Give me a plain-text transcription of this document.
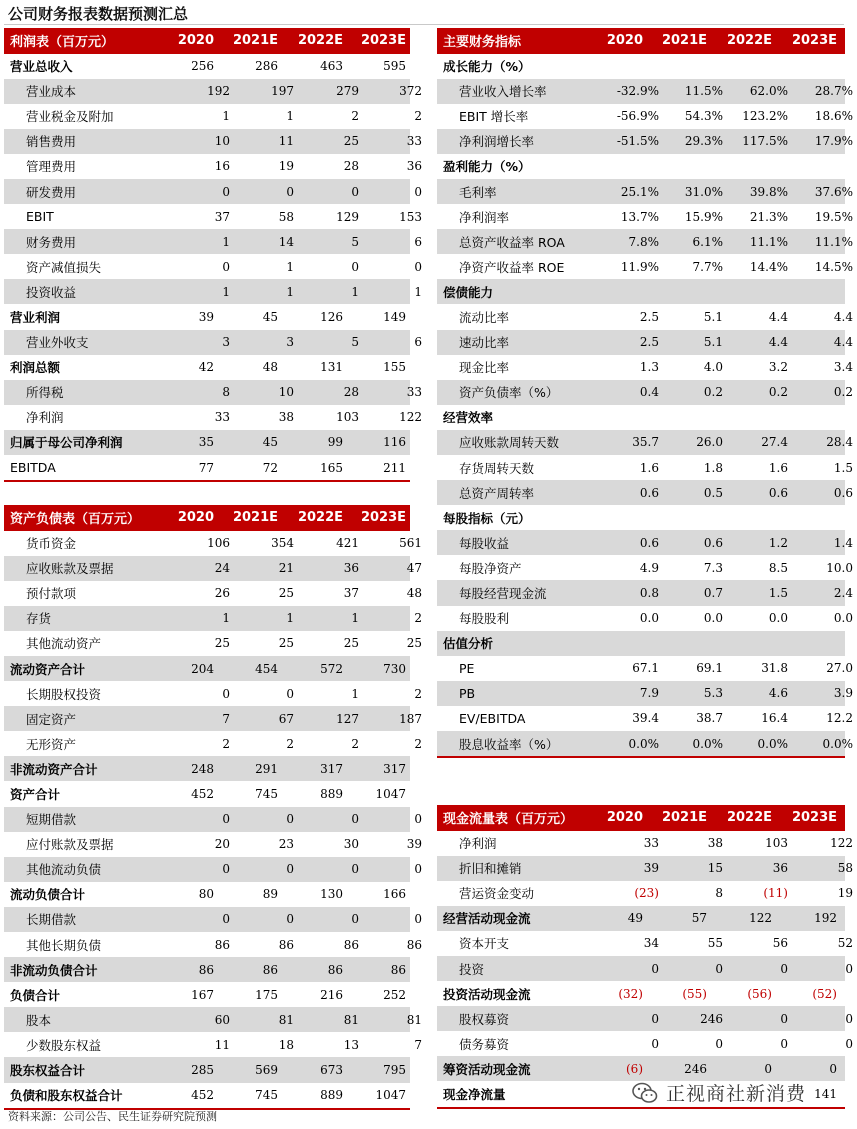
公司财务报表数据预测汇总
利润表（百万元）	2020	2021E	2022E	2023E
营业总收入	256	286	463	595
营业成本	192	197	279	372
营业税金及附加	1	1	2	2
销售费用	10	11	25	33
管理费用	16	19	28	36
研发费用	0	0	0	0
EBIT	37	58	129	153
财务费用	1	14	5	6
资产减值损失	0	1	0	0
投资收益	1	1	1	1
营业利润	39	45	126	149
营业外收支	3	3	5	6
利润总额	42	48	131	155
所得税	8	10	28	33
净利润	33	38	103	122
归属于母公司净利润	35	45	99	116
EBITDA	77	72	165	211
资产负债表（百万元）	2020	2021E	2022E	2023E
货币资金	106	354	421	561
应收账款及票据	24	21	36	47
预付款项	26	25	37	48
存货	1	1	1	2
其他流动资产	25	25	25	25
流动资产合计	204	454	572	730
长期股权投资	0	0	1	2
固定资产	7	67	127	187
无形资产	2	2	2	2
非流动资产合计	248	291	317	317
资产合计	452	745	889	1047
短期借款	0	0	0	0
应付账款及票据	20	23	30	39
其他流动负债	0	0	0	0
流动负债合计	80	89	130	166
长期借款	0	0	0	0
其他长期负债	86	86	86	86
非流动负债合计	86	86	86	86
负债合计	167	175	216	252
股本	60	81	81	81
少数股东权益	11	18	13	7
股东权益合计	285	569	673	795
负债和股东权益合计	452	745	889	1047
主要财务指标	2020	2021E	2022E	2023E
成长能力（%）
营业收入增长率	-32.9%	11.5%	62.0%	28.7%
EBIT 增长率	-56.9%	54.3%	123.2%	18.6%
净利润增长率	-51.5%	29.3%	117.5%	17.9%
盈利能力（%）
毛利率	25.1%	31.0%	39.8%	37.6%
净利润率	13.7%	15.9%	21.3%	19.5%
总资产收益率 ROA	7.8%	6.1%	11.1%	11.1%
净资产收益率 ROE	11.9%	7.7%	14.4%	14.5%
偿债能力
流动比率	2.5	5.1	4.4	4.4
速动比率	2.5	5.1	4.4	4.4
现金比率	1.3	4.0	3.2	3.4
资产负债率（%）	0.4	0.2	0.2	0.2
经营效率
应收账款周转天数	35.7	26.0	27.4	28.4
存货周转天数	1.6	1.8	1.6	1.5
总资产周转率	0.6	0.5	0.6	0.6
每股指标（元）
每股收益	0.6	0.6	1.2	1.4
每股净资产	4.9	7.3	8.5	10.0
每股经营现金流	0.8	0.7	1.5	2.4
每股股利	0.0	0.0	0.0	0.0
估值分析
PE	67.1	69.1	31.8	27.0
PB	7.9	5.3	4.6	3.9
EV/EBITDA	39.4	38.7	16.4	12.2
股息收益率（%）	0.0%	0.0%	0.0%	0.0%
现金流量表（百万元）	2020	2021E	2022E	2023E
净利润	33	38	103	122
折旧和摊销	39	15	36	58
营运资金变动	(23)	8	(11)	19
经营活动现金流	49	57	122	192
资本开支	34	55	56	52
投资	0	0	0	0
投资活动现金流	(32)	(55)	(56)	(52)
股权募资	0	246	0	0
债务募资	0	0	0	0
筹资活动现金流	(6)	246	0	0
现金净流量	141
资料来源：公司公告、民生证券研究院预测
正视商社新消费
